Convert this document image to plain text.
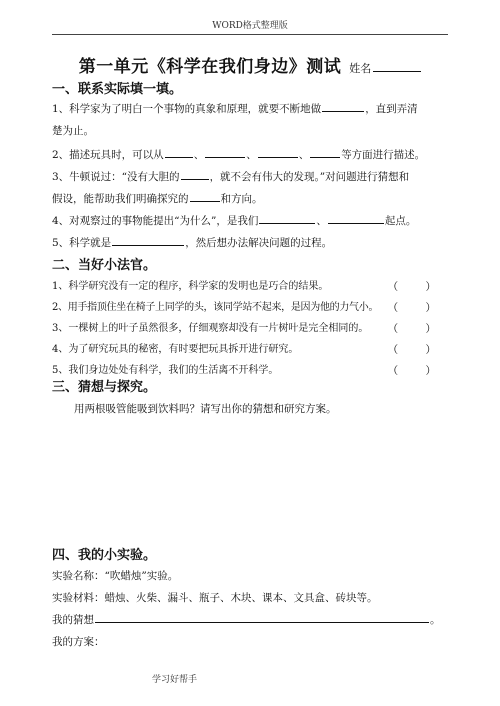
WORD格式整理版
第一单元《科学在我们身边》测试 姓名
一、联系实际填一填。
1、科学家为了明白一个事物的真象和原理，就要不断地做	，直到弄清
楚为止。
2、描述玩具时，可以从	、	、	、	等方面进行描述。
3、牛顿说过：“没有大胆的	，就不会有伟大的发现。”对问题进行猜想和
假设，能帮助我们明确探究的	和方向。
4、对观察过的事物能提出“为什么”，是我们	、	起点。
5、科学就是	，然后想办法解决问题的过程。
二、当好小法官。
1、科学研究没有一定的程序，科学家的发明也是巧合的结果。	（ ）
2、用手指顶住坐在椅子上同学的头，该同学站不起来，是因为他的力气小。 （ ）
3、一棵树上的叶子虽然很多，仔细观察却没有一片树叶是完全相同的。	（ ）
4、为了研究玩具的秘密，有时要把玩具拆开进行研究。	（ ）
5、我们身边处处有科学，我们的生活离不开科学。	（ ）
三、猜想与探究。
用两根吸管能吸到饮料吗？请写出你的猜想和研究方案。
四、我的小实验。
实验名称：“吹蜡烛”实验。
实验材料：蜡烛、火柴、漏斗、瓶子、木块、课本、文具盒、砖块等。
我的猜想	。
我的方案：
学习好帮手
